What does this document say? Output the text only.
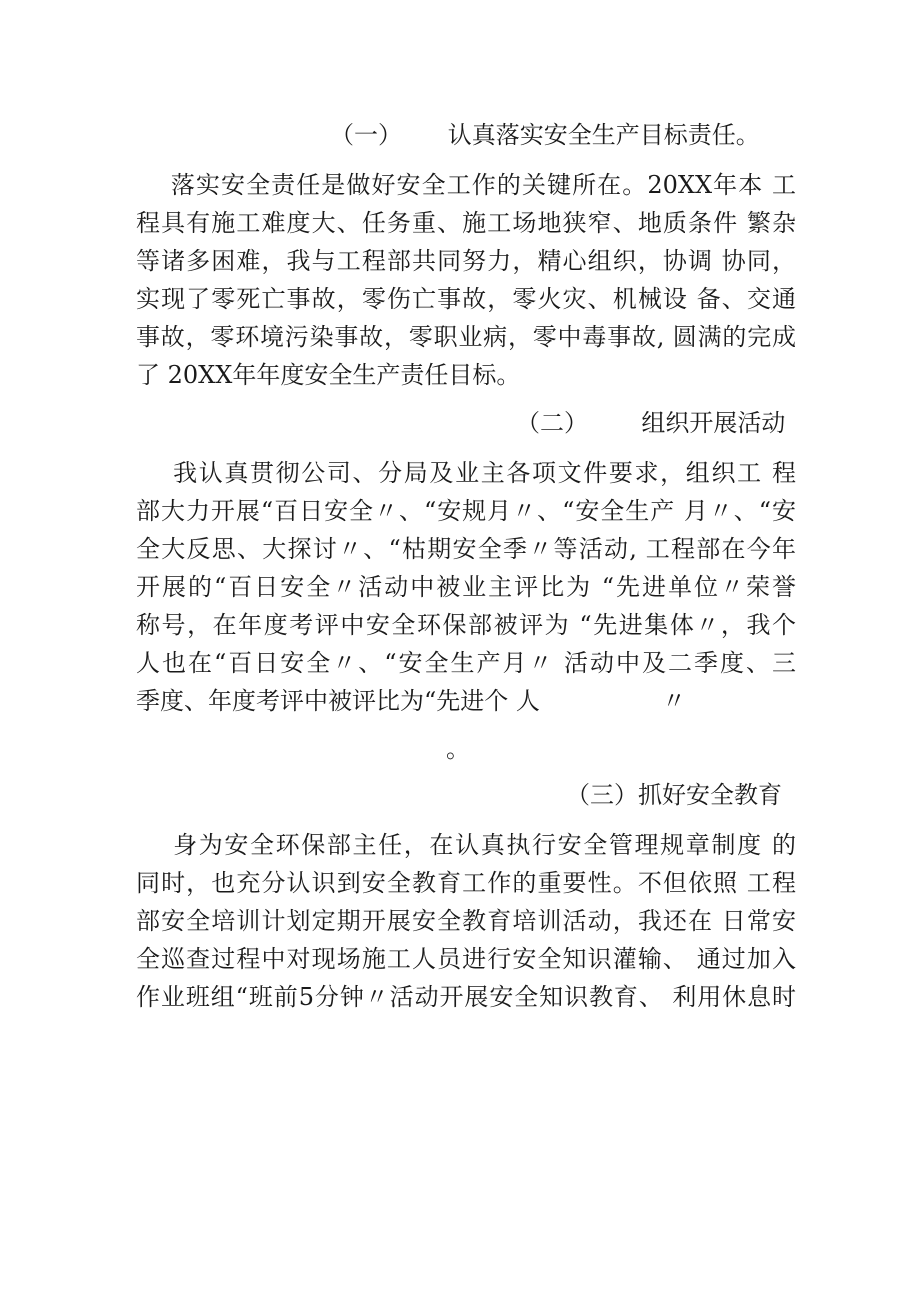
（一）      认真落实安全生产目标责任。
落实安全责任是做好安全工作的关键所在。20XX年本 工
程具有施工难度大、任务重、施工场地狭窄、地质条件 繁杂
等诸多困难，我与工程部共同努力，精心组织，协调 协同，
实现了零死亡事故，零伤亡事故，零火灾、机械设 备、交通
事故，零环境污染事故，零职业病，零中毒事故, 圆满的完成
了 20XX年年度安全生产责任目标。
（二）       组织开展活动
我认真贯彻公司、分局及业主各项文件要求，组织工 程
部大力开展“百日安全〃、“安规月〃、“安全生产 月〃、“安
全大反思、大探讨〃、“枯期安全季〃等活动, 工程部在今年
开展的“百日安全〃活动中被业主评比为 “先进单位〃荣誉
称号，在年度考评中安全环保部被评为 “先进集体〃，我个
人也在“百日安全〃、“安全生产月〃 活动中及二季度、三
季度、年度考评中被评比为“先进个 人                〃
。
（三）抓好安全教育
身为安全环保部主任，在认真执行安全管理规章制度 的
同时，也充分认识到安全教育工作的重要性。不但依照 工程
部安全培训计划定期开展安全教育培训活动，我还在 日常安
全巡查过程中对现场施工人员进行安全知识灌输、 通过加入
作业班组“班前5分钟〃活动开展安全知识教育、 利用休息时
